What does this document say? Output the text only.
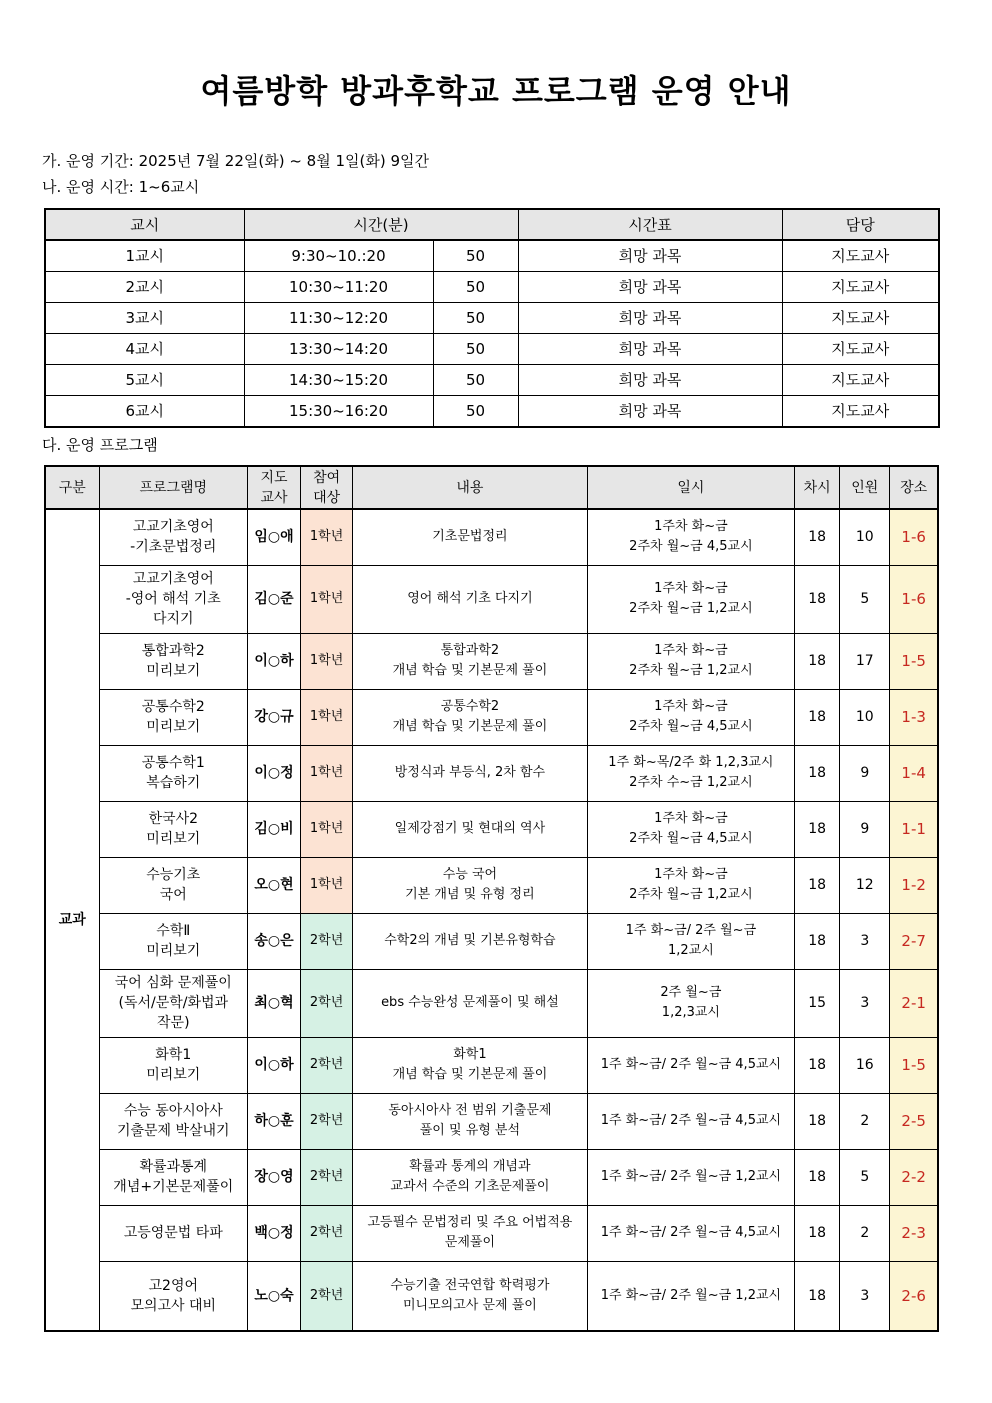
여름방학 방과후학교 프로그램 운영 안내
가. 운영 기간: 2025년 7월 22일(화) ~ 8월 1일(화) 9일간
나. 운영 시간: 1~6교시
교시	시간(분)		시간표	담당
1교시	9:30~10.:20	50	희망 과목	지도교사
2교시	10:30~11:20	50	희망 과목	지도교사
3교시	11:30~12:20	50	희망 과목	지도교사
4교시	13:30~14:20	50	희망 과목	지도교사
5교시	14:30~15:20	50	희망 과목	지도교사
6교시	15:30~16:20	50	희망 과목	지도교사
다. 운영 프로그램
구분	프로그램명	지도
교사	참여
대상	내용	일시	차시	인원	장소
교과	고교기초영어
-기초문법정리	임○애	1학년	기초문법정리	1주차 화~금
2주차 월~금 4,5교시	18	10	1-6
	고교기초영어
-영어 해석 기초
다지기	김○준	1학년	영어 해석 기초 다지기	1주차 화~금
2주차 월~금 1,2교시	18	5	1-6
	통합과학2
미리보기	이○하	1학년	통합과학2
개념 학습 및 기본문제 풀이	1주차 화~금
2주차 월~금 1,2교시	18	17	1-5
	공통수학2
미리보기	강○규	1학년	공통수학2
개념 학습 및 기본문제 풀이	1주차 화~금
2주차 월~금 4,5교시	18	10	1-3
	공통수학1
복습하기	이○정	1학년	방정식과 부등식, 2차 함수	1주 화~목/2주 화 1,2,3교시
2주차 수~금 1,2교시	18	9	1-4
	한국사2
미리보기	김○비	1학년	일제강점기 및 현대의 역사	1주차 화~금
2주차 월~금 4,5교시	18	9	1-1
	수능기초
국어	오○현	1학년	수능 국어
기본 개념 및 유형 정리	1주차 화~금
2주차 월~금 1,2교시	18	12	1-2
	수학Ⅱ
미리보기	송○은	2학년	수학2의 개념 및 기본유형학습	1주 화~금/ 2주 월~금
1,2교시	18	3	2-7
	국어 심화 문제풀이
(독서/문학/화법과
작문)	최○혁	2학년	ebs 수능완성 문제풀이 및 해설	2주 월~금
1,2,3교시	15	3	2-1
	화학1
미리보기	이○하	2학년	화학1
개념 학습 및 기본문제 풀이	1주 화~금/ 2주 월~금 4,5교시	18	16	1-5
	수능 동아시아사
기출문제 박살내기	하○훈	2학년	동아시아사 전 범위 기출문제
풀이 및 유형 분석	1주 화~금/ 2주 월~금 4,5교시	18	2	2-5
	확률과통계
개념+기본문제풀이	장○영	2학년	확률과 통계의 개념과
교과서 수준의 기초문제풀이	1주 화~금/ 2주 월~금 1,2교시	18	5	2-2
	고등영문법 타파	백○정	2학년	고등필수 문법정리 및 주요 어법적용
문제풀이	1주 화~금/ 2주 월~금 4,5교시	18	2	2-3
	고2영어
모의고사 대비	노○숙	2학년	수능기출 전국연합 학력평가
미니모의고사 문제 풀이	1주 화~금/ 2주 월~금 1,2교시	18	3	2-6
